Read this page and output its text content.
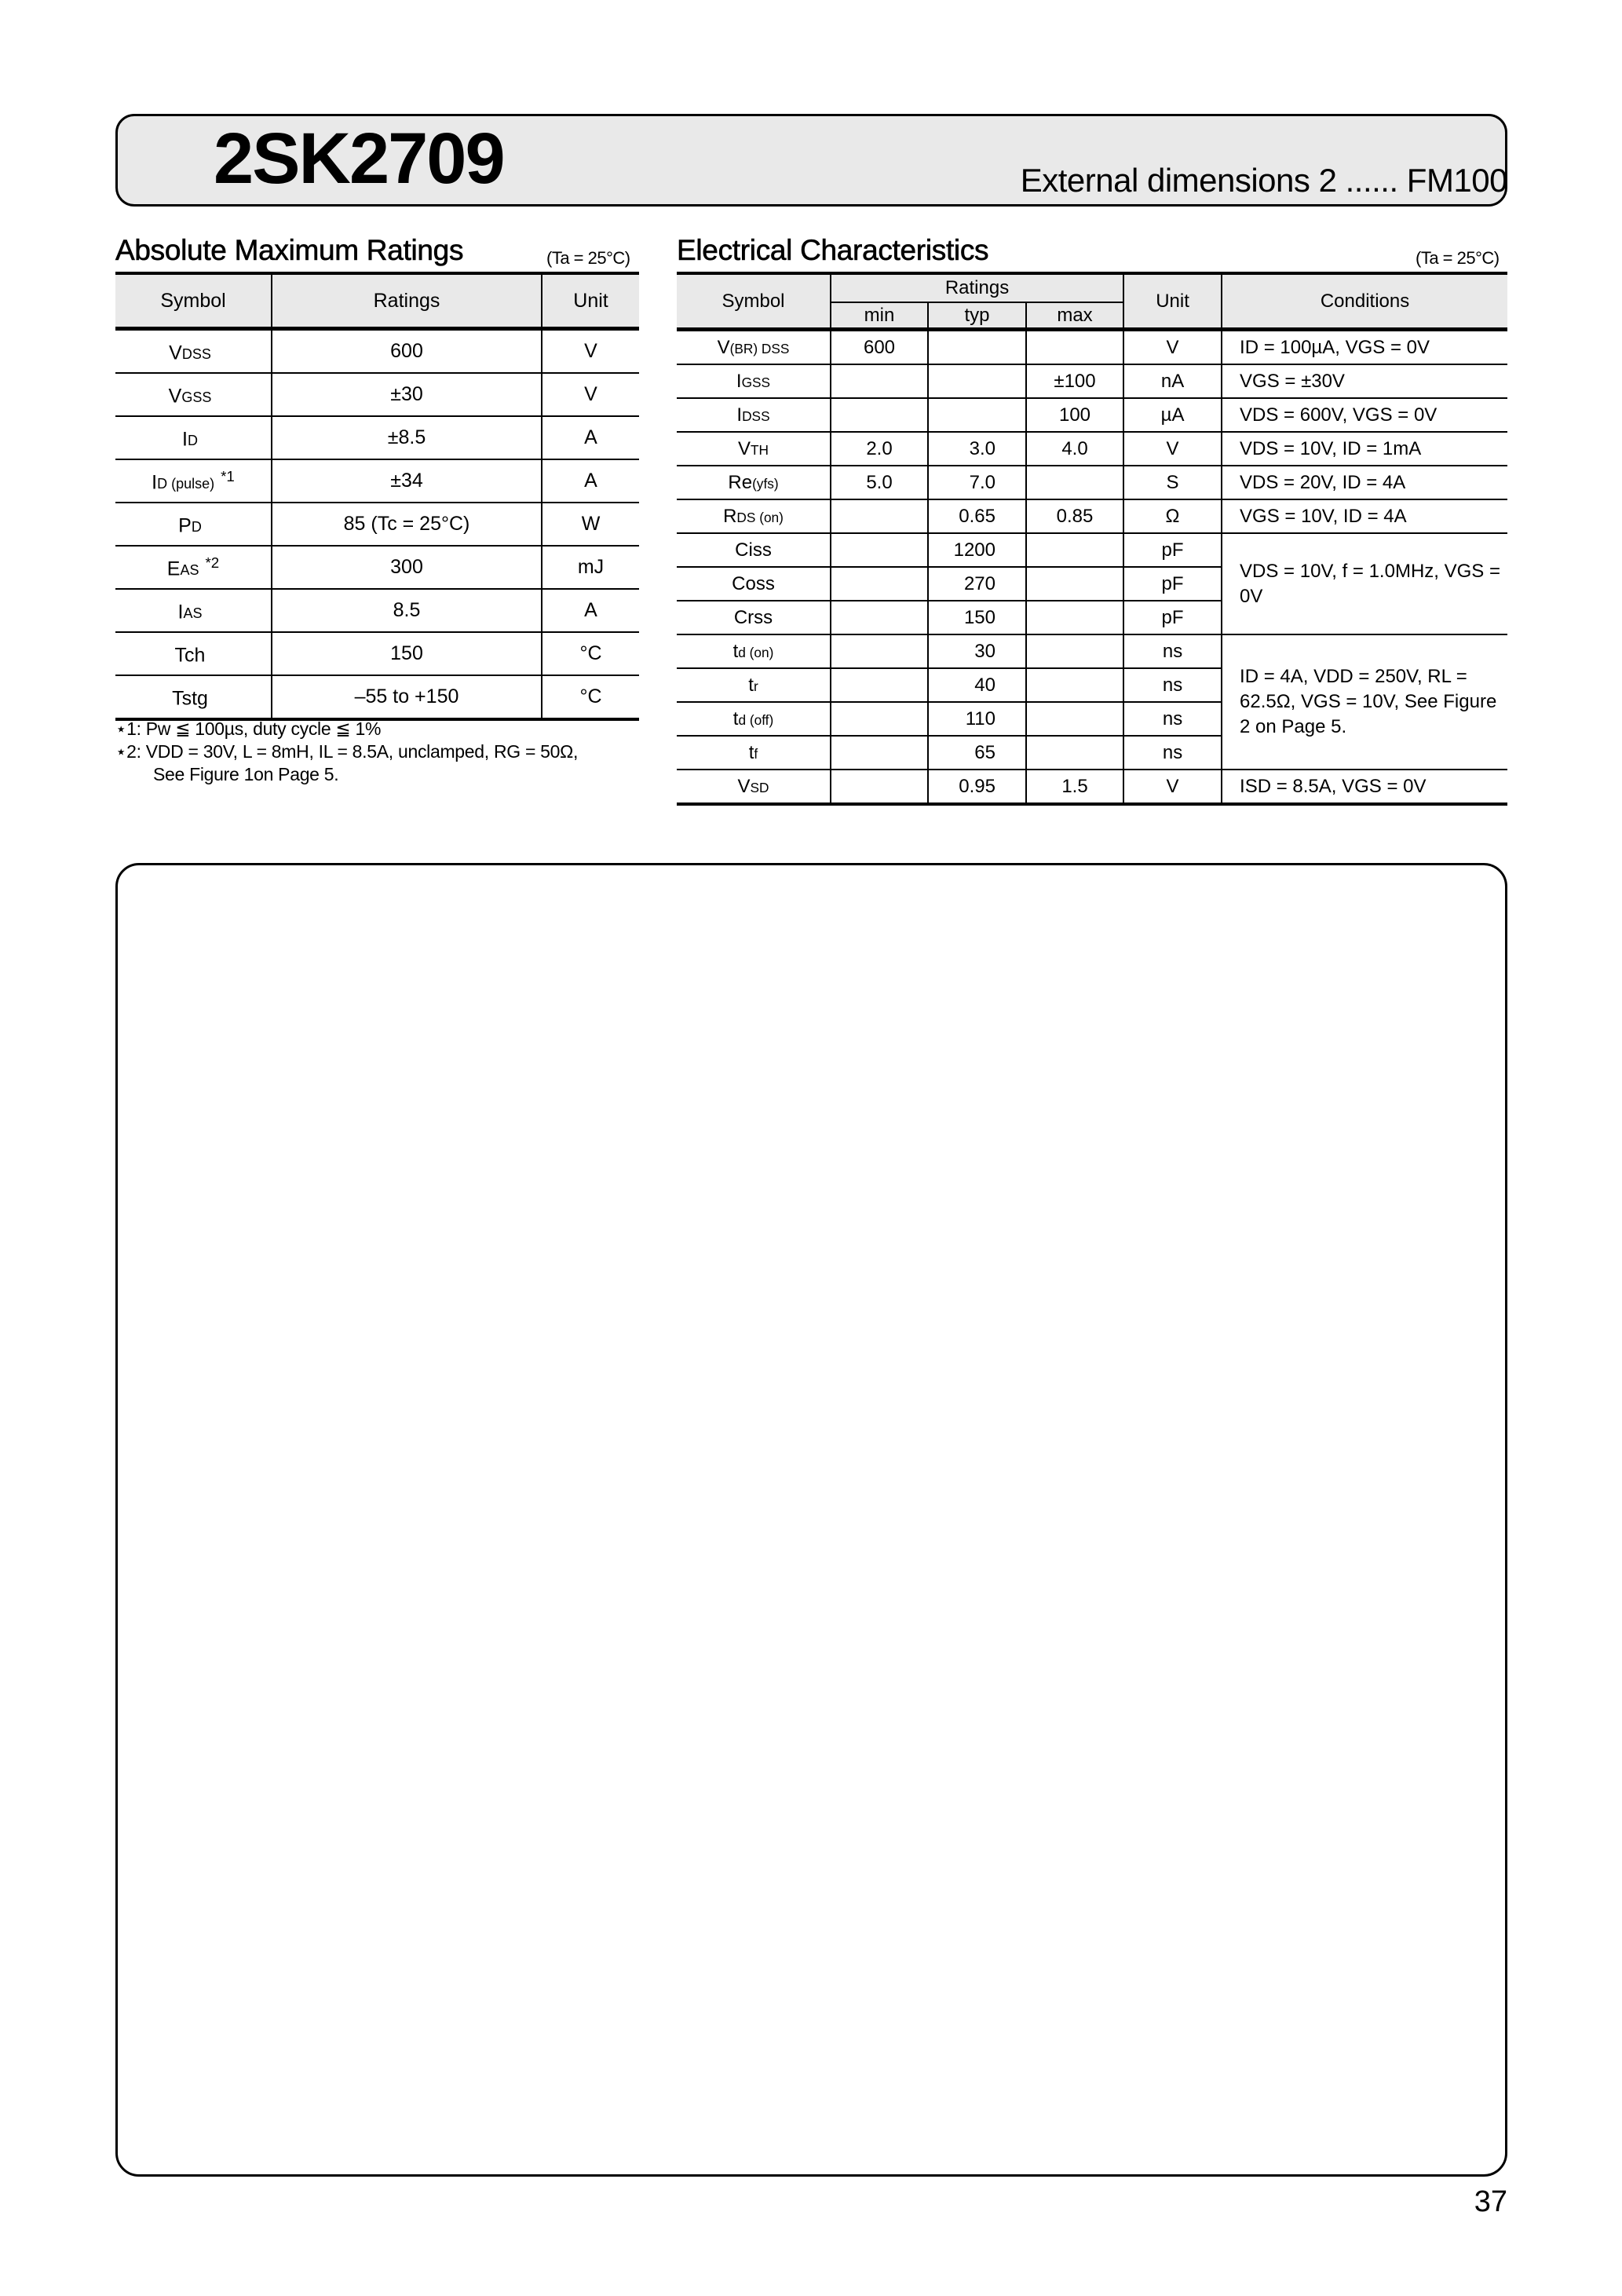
2SK2709	External dimensions 2 ...... FM100
Absolute Maximum Ratings	(Ta = 25°C)
Symbol	Ratings	Unit
VDSS	600	V
VGSS	±30	V
ID	±8.5	A
ID (pulse) $^{*1}$	±34	A
PD	85 (Tc = 25°C)	W
EAS $^{*2}$	300	mJ
IAS	8.5	A
Tch	150	°C
Tstg	–55 to +150	°C
⋆1: Pw ≦ 100µs, duty cycle ≦ 1%
⋆2: VDD = 30V, L = 8mH, IL = 8.5A, unclamped, RG = 50Ω,
See Figure 1on Page 5.
Electrical Characteristics	(Ta = 25°C)
Symbol	Ratings			Unit	Conditions
	min	typ	max		
V(BR) DSS	600			V	ID = 100µA, VGS = 0V
IGSS			±100	nA	VGS = ±30V
IDSS			100	µA	VDS = 600V, VGS = 0V
VTH	2.0	3.0	4.0	V	VDS = 10V, ID = 1mA
Re(yfs)	5.0	7.0		S	VDS = 20V, ID = 4A
RDS (on)		0.65	0.85	Ω	VGS = 10V, ID = 4A
Ciss		1200		pF	VDS = 10V, f = 1.0MHz, VGS = 0V
Coss		270		pF	
Crss		150		pF	
td (on)		30		ns	ID = 4A, VDD = 250V, RL = 62.5Ω, VGS = 10V, See Figure 2 on Page 5.
tr		40		ns	
td (off)		110		ns	
tf		65		ns	
VSD		0.95	1.5	V	ISD = 8.5A, VGS = 0V
37
